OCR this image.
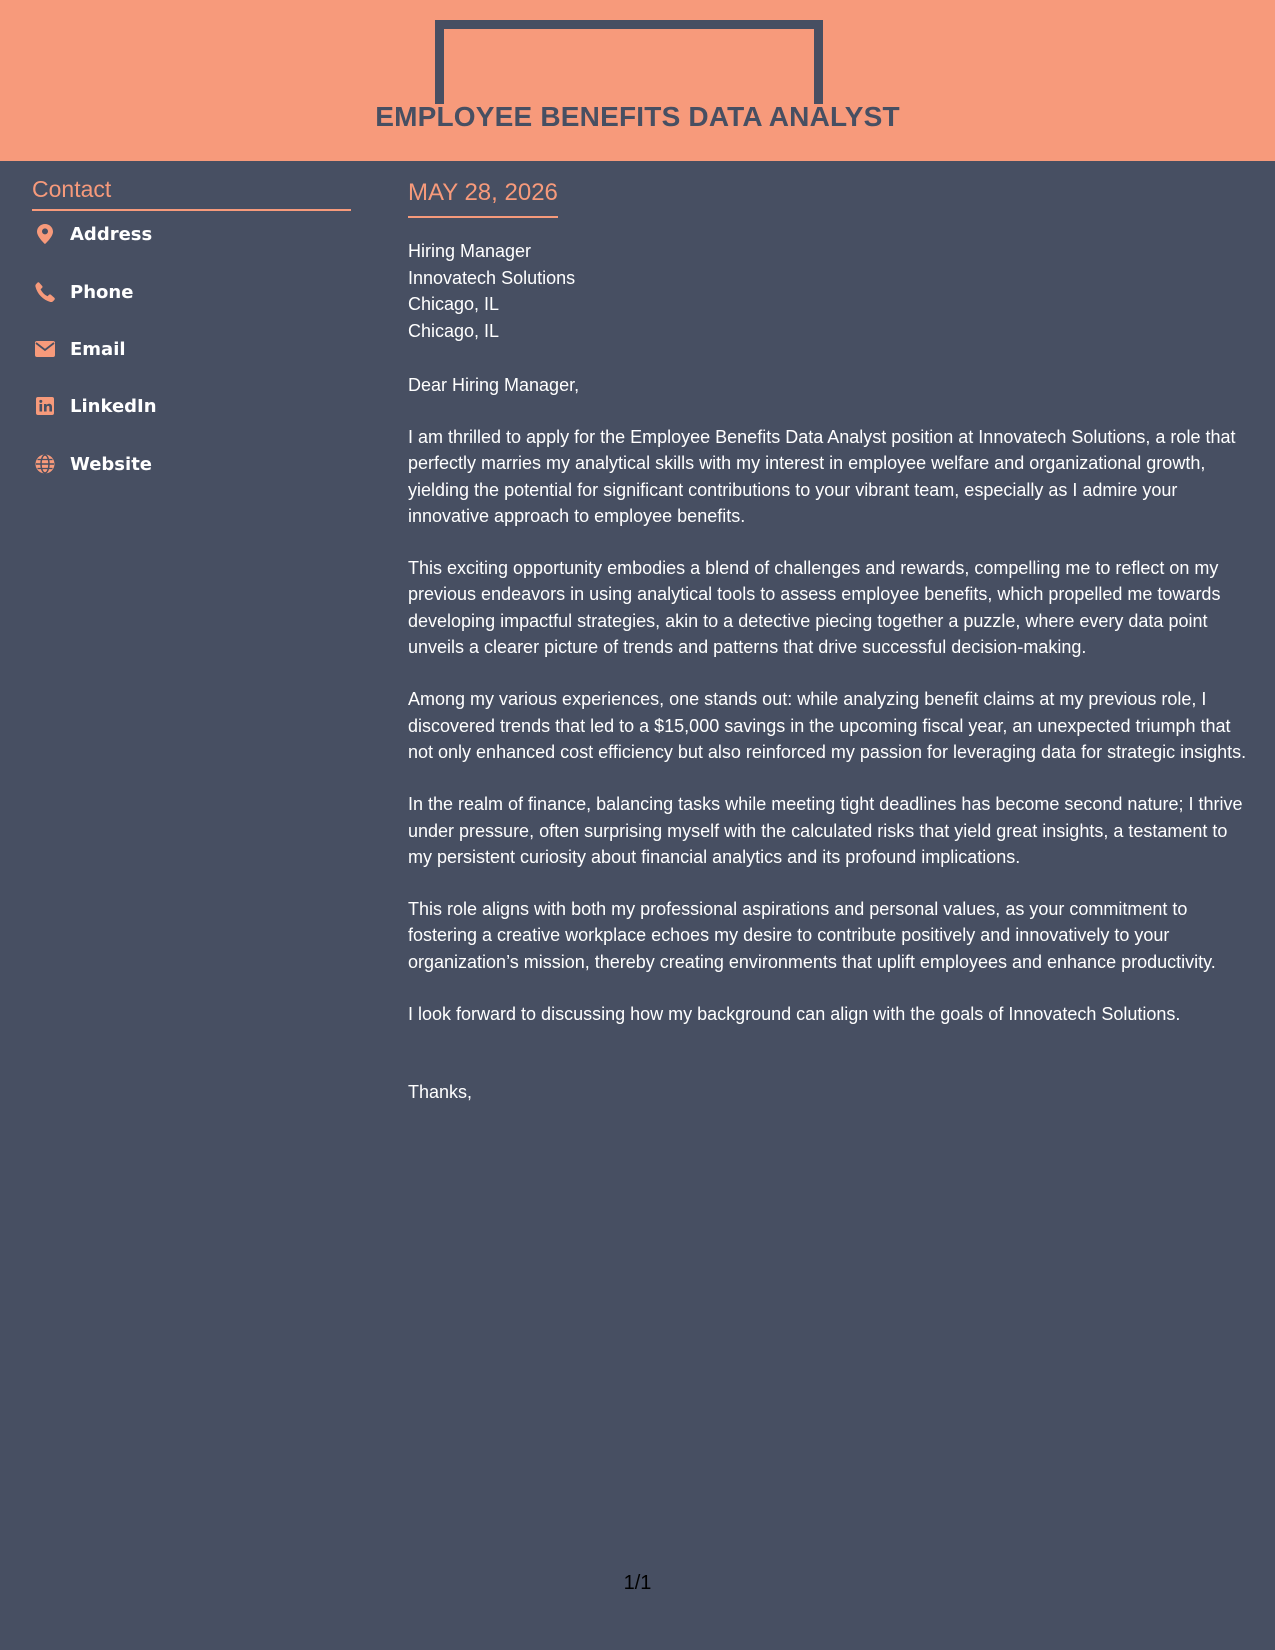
EMPLOYEE BENEFITS DATA ANALYST
Contact
Address
Phone
Email
LinkedIn
Website
MAY 28, 2026
Hiring Manager
Innovatech Solutions
Chicago, IL
Chicago, IL
Dear Hiring Manager,
I am thrilled to apply for the Employee Benefits Data Analyst position at Innovatech Solutions, a role that perfectly marries my analytical skills with my interest in employee welfare and organizational growth, yielding the potential for significant contributions to your vibrant team, especially as I admire your innovative approach to employee benefits.
This exciting opportunity embodies a blend of challenges and rewards, compelling me to reflect on my previous endeavors in using analytical tools to assess employee benefits, which propelled me towards developing impactful strategies, akin to a detective piecing together a puzzle, where every data point unveils a clearer picture of trends and patterns that drive successful decision-making.
Among my various experiences, one stands out: while analyzing benefit claims at my previous role, I discovered trends that led to a $15,000 savings in the upcoming fiscal year, an unexpected triumph that not only enhanced cost efficiency but also reinforced my passion for leveraging data for strategic insights.
In the realm of finance, balancing tasks while meeting tight deadlines has become second nature; I thrive under pressure, often surprising myself with the calculated risks that yield great insights, a testament to my persistent curiosity about financial analytics and its profound implications.
This role aligns with both my professional aspirations and personal values, as your commitment to fostering a creative workplace echoes my desire to contribute positively and innovatively to your organization’s mission, thereby creating environments that uplift employees and enhance productivity.
I look forward to discussing how my background can align with the goals of Innovatech Solutions.
Thanks,
1/1
